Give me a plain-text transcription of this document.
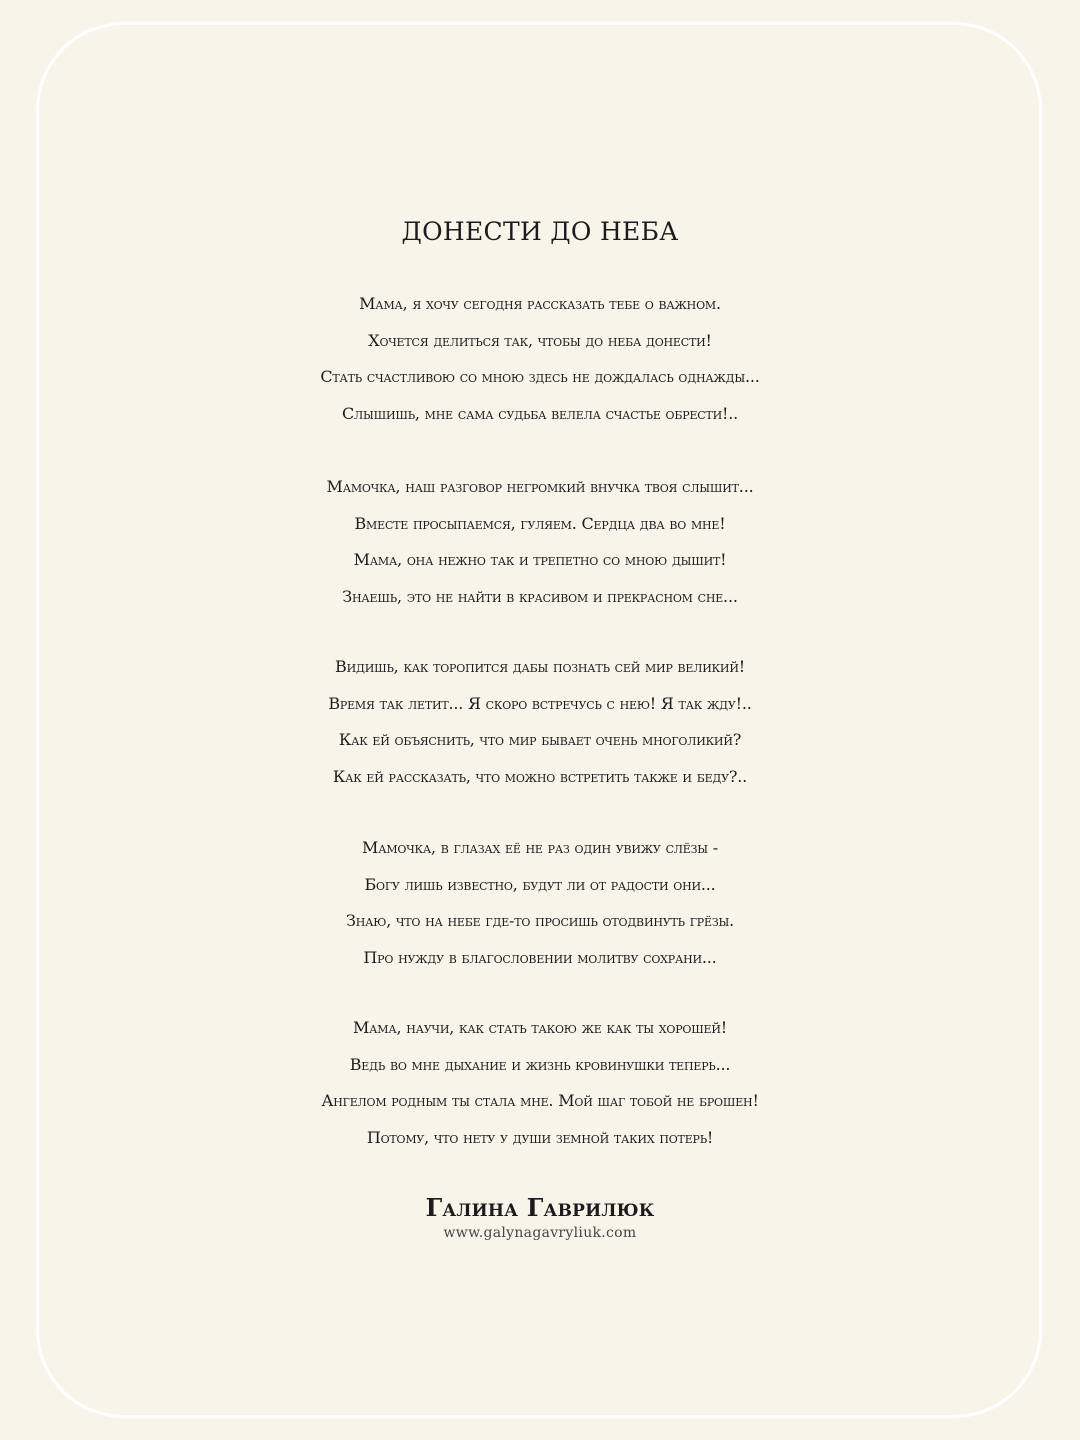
ДОНЕСТИ ДО НЕБА
Мама, я хочу сегодня рассказать тебе о важном.
Хочется делиться так, чтобы до неба донести!
Стать счастливою со мною здесь не дождалась однажды...
Слышишь, мне сама судьба велела счастье обрести!..
Мамочка, наш разговор негромкий внучка твоя слышит...
Вместе просыпаемся, гуляем. Сердца два во мне!
Мама, она нежно так и трепетно со мною дышит!
Знаешь, это не найти в красивом и прекрасном сне...
Видишь, как торопится дабы познать сей мир великий!
Время так летит... Я скоро встречусь с нею! Я так жду!..
Как ей объяснить, что мир бывает очень многоликий?
Как ей рассказать, что можно встретить также и беду?..
Мамочка, в глазах её не раз один увижу слёзы -
Богу лишь известно, будут ли от радости они...
Знаю, что на небе где-то просишь отодвинуть грёзы.
Про нужду в благословении молитву сохрани...
Мама, научи, как стать такою же как ты хорошей!
Ведь во мне дыхание и жизнь кровинушки теперь...
Ангелом родным ты стала мне. Мой шаг тобой не брошен!
Потому, что нету у души земной таких потерь!
Галина Гаврилюк
www.galynagavryliuk.com
